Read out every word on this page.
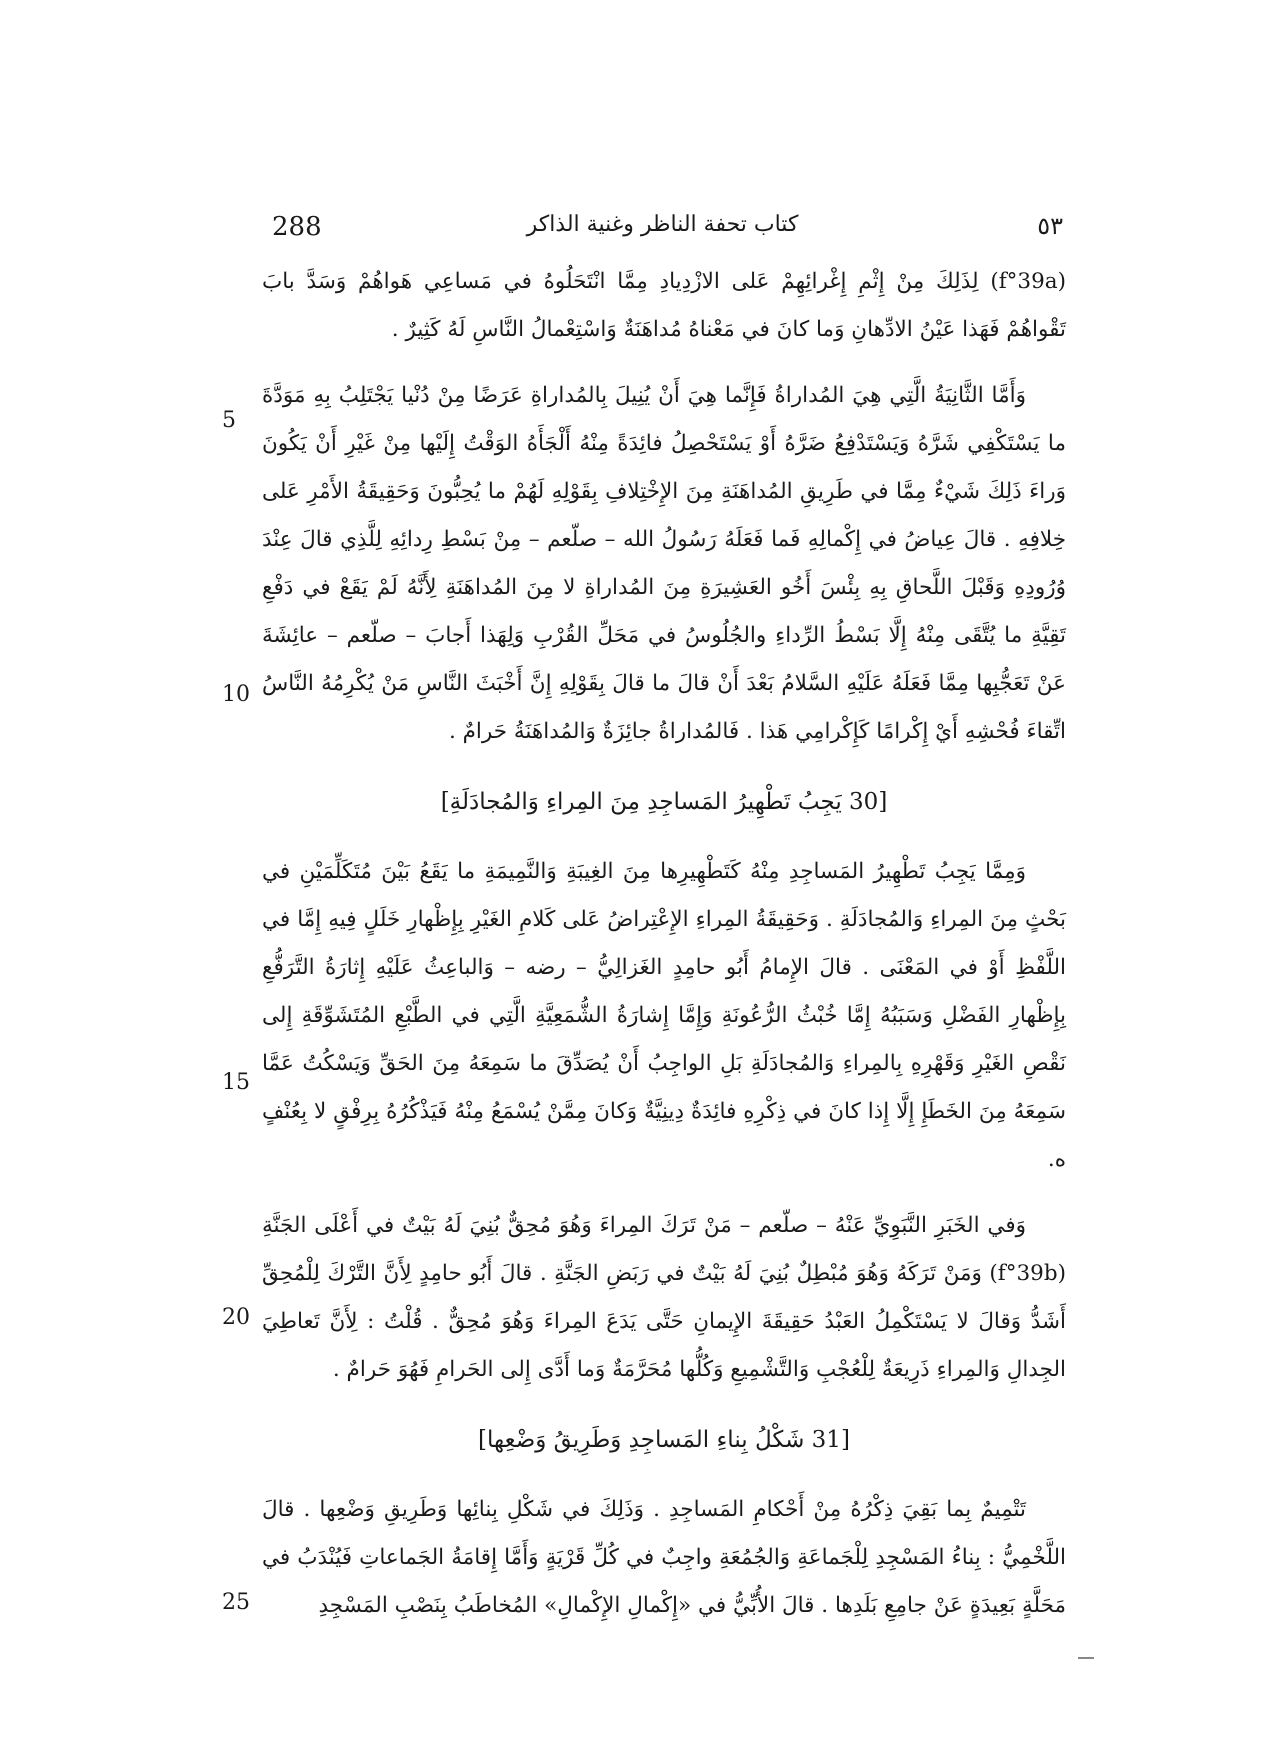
288	كتاب تحفة الناظر وغنية الذاكر	٥٣

(f°39a) لِذَلِكَ مِنْ إِثْمِ إِغْرائِهِمْ عَلى الازْدِيادِ مِمَّا انْتَحَلُوهُ في مَساعِي هَواهُمْ وَسَدَّ بابَ تَقْواهُمْ فَهَذا عَيْنُ الادِّهانِ وَما كانَ في مَعْناهُ مُداهَنَةٌ وَاسْتِعْمالُ النَّاسِ لَهُ كَثِيرٌ .

وَأَمَّا الثَّانِيَةُ الَّتِي هِيَ المُداراةُ فَإِنَّما هِيَ أَنْ يُنِيلَ بِالمُداراةِ عَرَضًا مِنْ دُنْيا يَجْتَلِبُ بِهِ مَوَدَّةَ ما يَسْتَكْفِي شَرَّهُ وَيَسْتَدْفِعُ ضَرَّهُ أَوْ يَسْتَحْصِلُ فائِدَةً مِنْهُ أَلْجَأَهُ الوَقْتُ إِلَيْها مِنْ غَيْرِ أَنْ يَكُونَ وَراءَ ذَلِكَ شَيْءٌ مِمَّا في طَرِيقِ المُداهَنَةِ مِنَ الإِخْتِلافِ بِقَوْلِهِ لَهُمْ ما يُحِبُّونَ وَحَقِيقَةُ الأَمْرِ عَلى خِلافِهِ . قالَ عِياضُ في إِكْمالِهِ فَما فَعَلَهُ رَسُولُ الله – صلّعم – مِنْ بَسْطِ رِدائِهِ لِلَّذِي قالَ عِنْدَ وُرُودِهِ وَقَبْلَ اللَّحاقِ بِهِ بِئْسَ أَخُو العَشِيرَةِ مِنَ المُداراةِ لا مِنَ المُداهَنَةِ لِأَنَّهُ لَمْ يَقَعْ في دَفْعِ تَقِيَّةِ ما يُتَّقَى مِنْهُ إِلَّا بَسْطُ الرِّداءِ والجُلُوسُ في مَحَلِّ القُرْبِ وَلِهَذا أَجابَ – صلّعم – عائِشَةَ عَنْ تَعَجُّبِها مِمَّا فَعَلَهُ عَلَيْهِ السَّلامُ بَعْدَ أَنْ قالَ ما قالَ بِقَوْلِهِ إِنَّ أَخْبَثَ النَّاسِ مَنْ يُكْرِمُهُ النَّاسُ اتِّقاءَ فُحْشِهِ أَيْ إِكْرامًا كَإِكْرامِي هَذا . فَالمُداراةُ جائِزَةٌ وَالمُداهَنَةُ حَرامٌ .

[30 يَجِبُ تَطْهِيرُ المَساجِدِ مِنَ المِراءِ وَالمُجادَلَةِ]

وَمِمَّا يَجِبُ تَطْهِيرُ المَساجِدِ مِنْهُ كَتَطْهِيرِها مِنَ الغِيبَةِ وَالنَّمِيمَةِ ما يَقَعُ بَيْنَ مُتَكَلِّمَيْنِ في بَحْثٍ مِنَ المِراءِ وَالمُجادَلَةِ . وَحَقِيقَةُ المِراءِ الإِعْتِراضُ عَلى كَلامِ الغَيْرِ بِإِظْهارِ خَلَلٍ فِيهِ إِمَّا في اللَّفْظِ أَوْ في المَعْنَى . قالَ الإِمامُ أَبُو حامِدٍ الغَزالِيُّ – رضه – وَالباعِثُ عَلَيْهِ إِثارَةُ التَّرَفُّعِ بِإِظْهارِ الفَضْلِ وَسَبَبُهُ إِمَّا خُبْثُ الرُّعُونَةِ وَإِمَّا إِشارَةُ الشُّمَعِيَّةِ الَّتِي في الطَّبْعِ المُتَشَوِّقَةِ إِلى نَقْصِ الغَيْرِ وَقَهْرِهِ بِالمِراءِ وَالمُجادَلَةِ بَلِ الواجِبُ أَنْ يُصَدِّقَ ما سَمِعَهُ مِنَ الحَقِّ وَيَسْكُتُ عَمَّا سَمِعَهُ مِنَ الخَطَإِ إِلَّا إِذا كانَ في ذِكْرِهِ فائِدَةٌ دِينِيَّةٌ وَكانَ مِمَّنْ يُسْمَعُ مِنْهُ فَيَذْكُرُهُ بِرِفْقٍ لا بِعُنْفٍ ه.

وَفي الخَبَرِ النَّبَوِيِّ عَنْهُ – صلّعم – مَنْ تَرَكَ المِراءَ وَهُوَ مُحِقٌّ بُنِيَ لَهُ بَيْتٌ في أَعْلَى الجَنَّةِ (f°39b) وَمَنْ تَرَكَهُ وَهُوَ مُبْطِلٌ بُنِيَ لَهُ بَيْتٌ في رَبَضِ الجَنَّةِ . قالَ أَبُو حامِدٍ لِأَنَّ التَّرْكَ لِلْمُحِقِّ أَشَدُّ وَقالَ لا يَسْتَكْمِلُ العَبْدُ حَقِيقَةَ الإِيمانِ حَتَّى يَدَعَ المِراءَ وَهُوَ مُحِقٌّ . قُلْتُ : لِأَنَّ تَعاطِيَ الجِدالِ وَالمِراءِ ذَرِيعَةٌ لِلْعُجْبِ وَالتَّشْمِيعِ وَكُلُّها مُحَرَّمَةٌ وَما أَدَّى إِلى الحَرامِ فَهُوَ حَرامٌ .

[31 شَكْلُ بِناءِ المَساجِدِ وَطَرِيقُ وَضْعِها]

تَتْمِيمٌ بِما بَقِيَ ذِكْرُهُ مِنْ أَحْكامِ المَساجِدِ . وَذَلِكَ في شَكْلِ بِنائِها وَطَرِيقِ وَضْعِها . قالَ اللَّخْمِيُّ : بِناءُ المَسْجِدِ لِلْجَماعَةِ وَالجُمُعَةِ واجِبٌ في كُلِّ قَرْيَةٍ وَأَمَّا إِقامَةُ الجَماعاتِ فَيُنْدَبُ في مَحَلَّةٍ بَعِيدَةٍ عَنْ جامِعِ بَلَدِها . قالَ الأُبِّيُّ في «إِكْمالِ الإِكْمالِ» المُخاطَبُ بِنَصْبِ المَسْجِدِ

5
10
15
20
25
